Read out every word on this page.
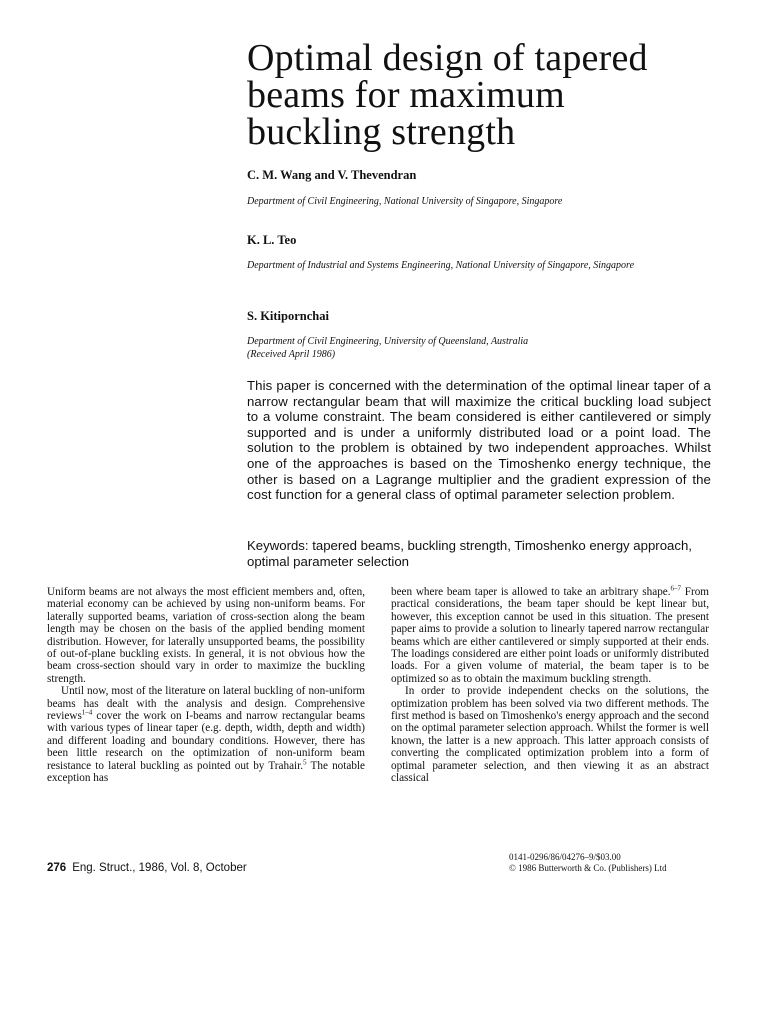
Optimal design of tapered
beams for maximum
buckling strength

C. M. Wang and V. Thevendran

Department of Civil Engineering, National University of Singapore, Singapore

K. L. Teo

Department of Industrial and Systems Engineering, National University of Singapore, Singapore

S. Kitipornchai

Department of Civil Engineering, University of Queensland, Australia

(Received April 1986)

This paper is concerned with the determination of the optimal linear taper of a narrow rectangular beam that will maximize the critical buckling load subject to a volume constraint. The beam considered is either cantilevered or simply supported and is under a uniformly distributed load or a point load. The solution to the problem is obtained by two independent approaches. Whilst one of the approaches is based on the Timoshenko energy technique, the other is based on a Lagrange multiplier and the gradient expression of the cost function for a general class of optimal parameter selection problem.

Keywords: tapered beams, buckling strength, Timoshenko energy approach, optimal parameter selection

Uniform beams are not always the most efficient members and, often, material economy can be achieved by using non-uniform beams. For laterally supported beams, variation of cross-section along the beam length may be chosen on the basis of the applied bending moment distribution. However, for laterally unsupported beams, the possibility of out-of-plane buckling exists. In general, it is not obvious how the beam cross-section should vary in order to maximize the buckling strength.

Until now, most of the literature on lateral buckling of non-uniform beams has dealt with the analysis and design. Comprehensive reviews$^{1-4}$ cover the work on I-beams and narrow rectangular beams with various types of linear taper (e.g. depth, width, depth and width) and different loading and boundary conditions. However, there has been little research on the optimization of non-uniform beam resistance to lateral buckling as pointed out by Trahair.$^5$ The notable exception has

been where beam taper is allowed to take an arbitrary shape.$^{6-7}$ From practical considerations, the beam taper should be kept linear but, however, this exception cannot be used in this situation. The present paper aims to provide a solution to linearly tapered narrow rectangular beams which are either cantilevered or simply supported at their ends. The loadings considered are either point loads or uniformly distributed loads. For a given volume of material, the beam taper is to be optimized so as to obtain the maximum buckling strength.

In order to provide independent checks on the solutions, the optimization problem has been solved via two different methods. The first method is based on Timoshenko's energy approach and the second on the optimal parameter selection approach. Whilst the former is well known, the latter is a new approach. This latter approach consists of converting the complicated optimization problem into a form of optimal parameter selection, and then viewing it as an abstract classical

276 Eng. Struct., 1986, Vol. 8, October

0141-0296/86/04276–9/$03.00
© 1986 Butterworth & Co. (Publishers) Ltd
